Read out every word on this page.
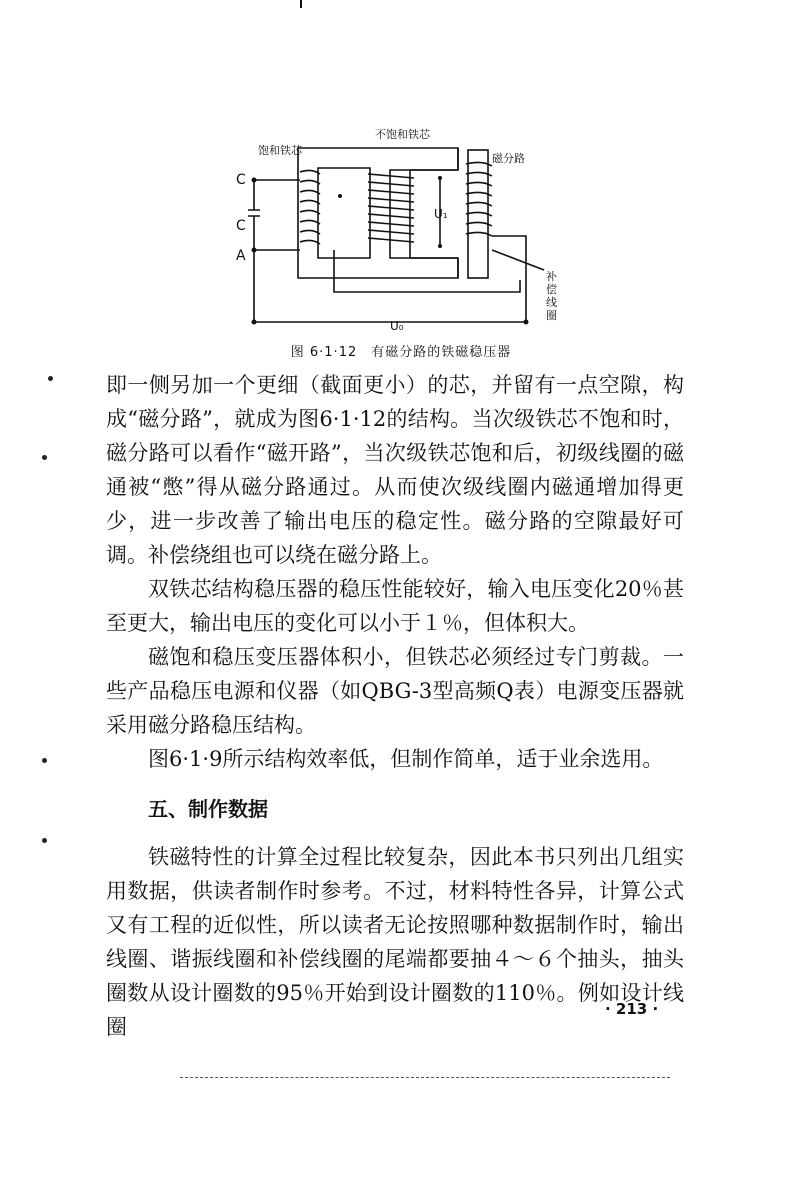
不饱和铁芯
饱和铁芯
磁分路
C
C
A
U₁
U₀
补
偿
线
圈
图 6·1·12　有磁分路的铁磁稳压器

即一侧另加一个更细（截面更小）的芯，并留有一点空隙，构成“磁分路”，就成为图6·1·12的结构。当次级铁芯不饱和时，磁分路可以看作“磁开路”，当次级铁芯饱和后，初级线圈的磁通被“憋”得从磁分路通过。从而使次级线圈内磁通增加得更少，进一步改善了输出电压的稳定性。磁分路的空隙最好可调。补偿绕组也可以绕在磁分路上。

双铁芯结构稳压器的稳压性能较好，输入电压变化20％甚至更大，输出电压的变化可以小于１％，但体积大。

磁饱和稳压变压器体积小，但铁芯必须经过专门剪裁。一些产品稳压电源和仪器（如QBG-3型高频Q表）电源变压器就采用磁分路稳压结构。

图6·1·9所示结构效率低，但制作简单，适于业余选用。

五、制作数据

铁磁特性的计算全过程比较复杂，因此本书只列出几组实用数据，供读者制作时参考。不过，材料特性各异，计算公式又有工程的近似性，所以读者无论按照哪种数据制作时，输出线圈、谐振线圈和补偿线圈的尾端都要抽４～６个抽头，抽头圈数从设计圈数的95％开始到设计圈数的110％。例如设计线圈

· 213 ·
